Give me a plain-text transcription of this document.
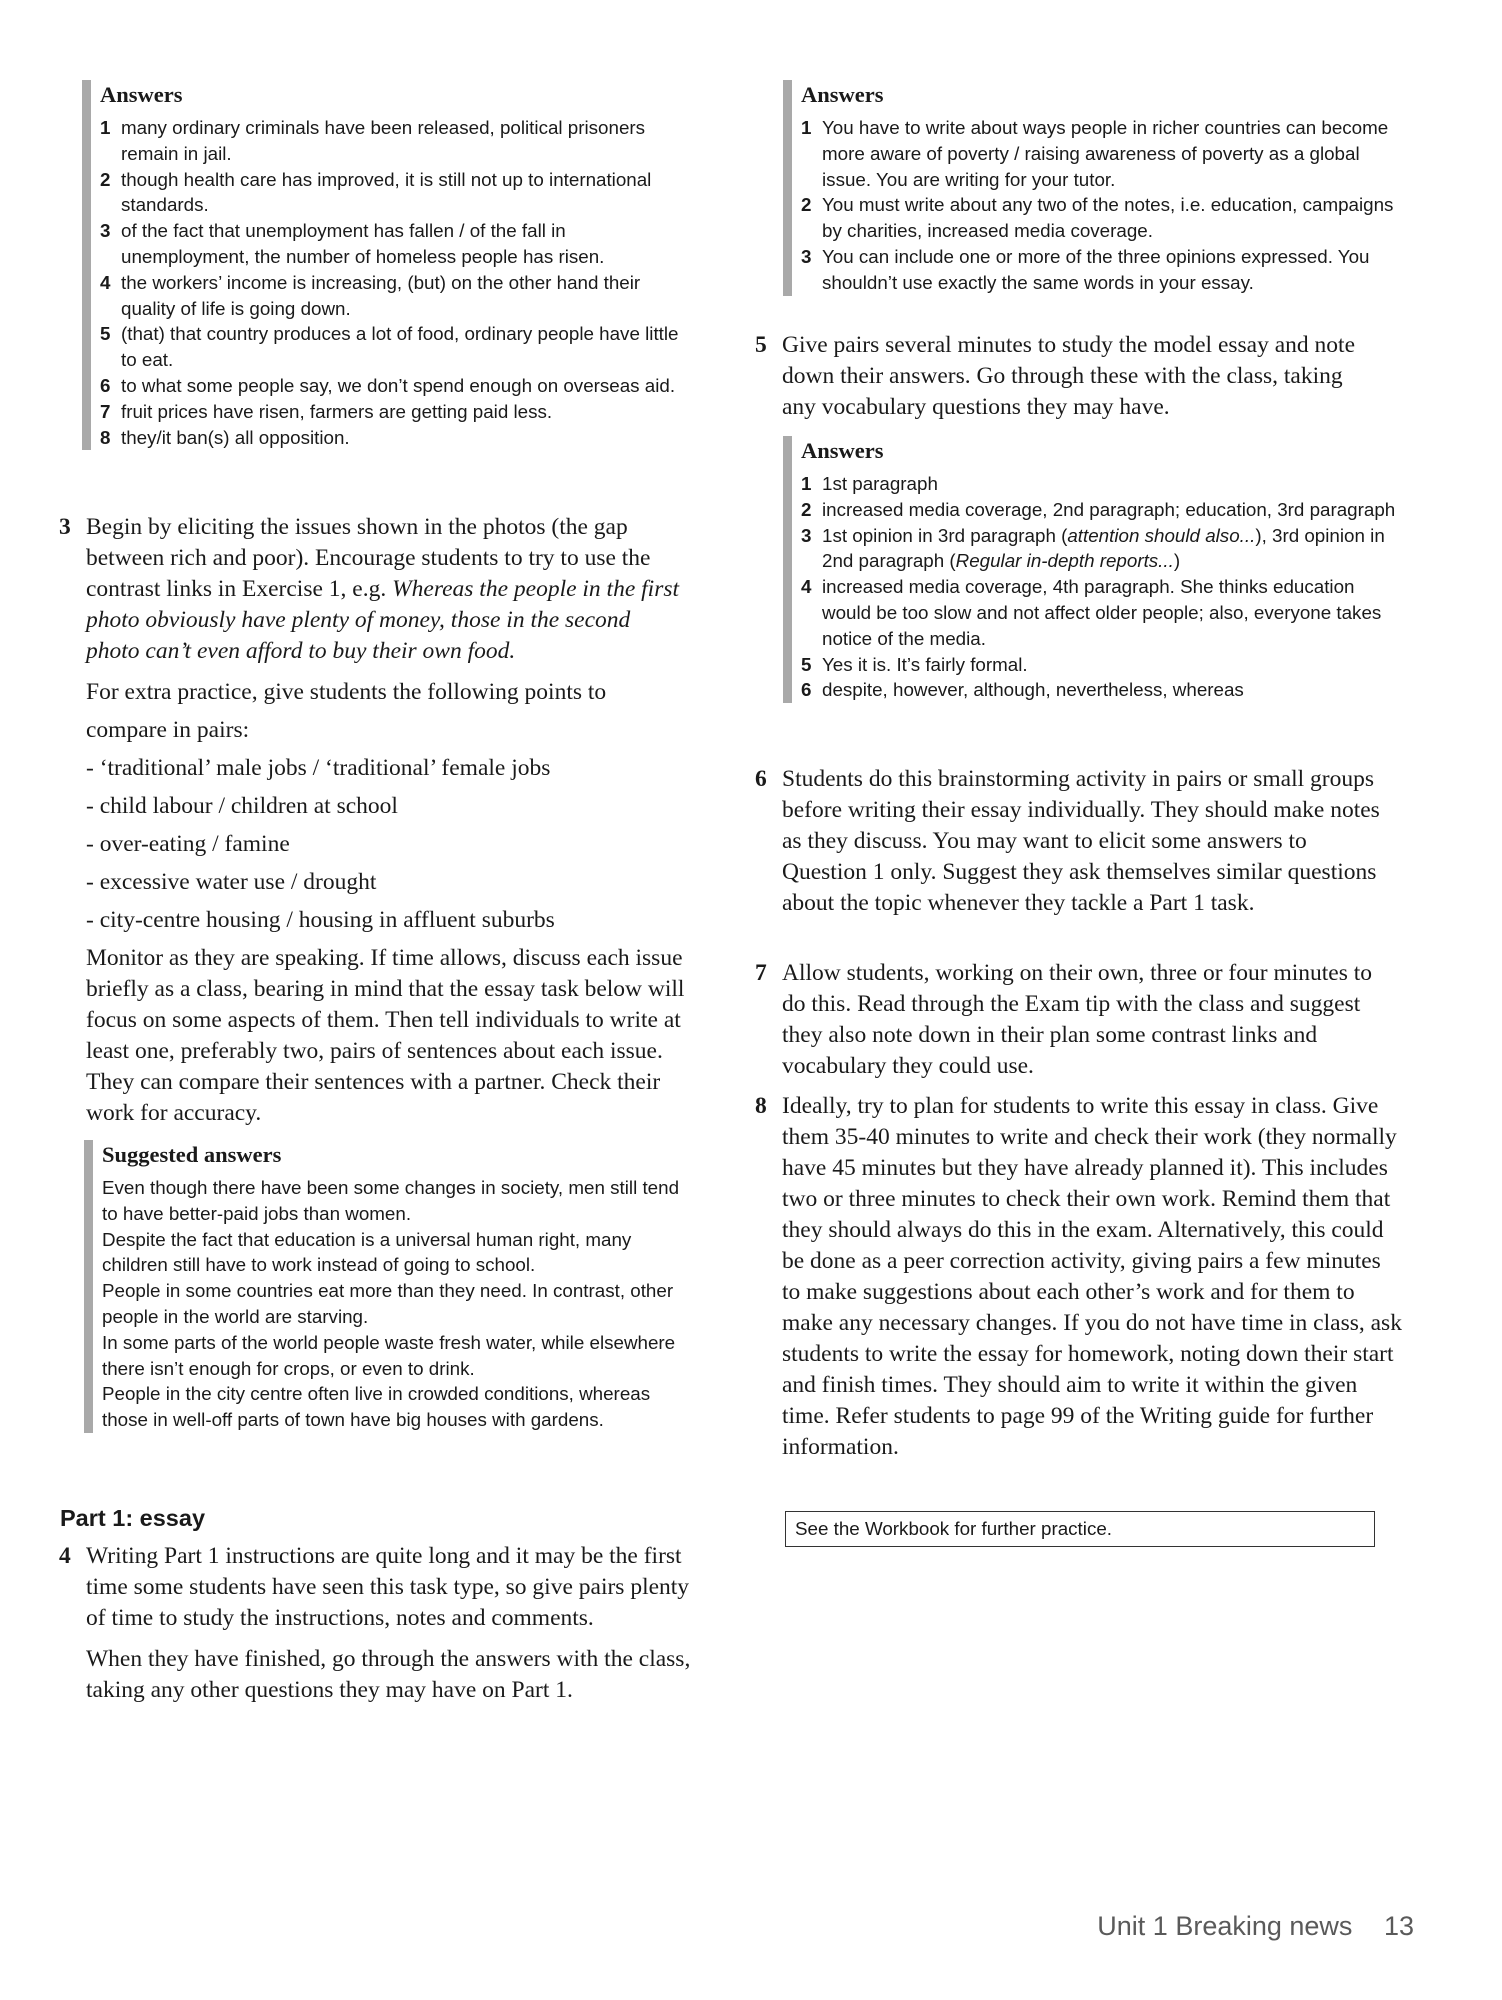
Answers
1 many ordinary criminals have been released, political prisoners remain in jail.
2 though health care has improved, it is still not up to international standards.
3 of the fact that unemployment has fallen / of the fall in unemployment, the number of homeless people has risen.
4 the workers’ income is increasing, (but) on the other hand their quality of life is going down.
5 (that) that country produces a lot of food, ordinary people have little to eat.
6 to what some people say, we don’t spend enough on overseas aid.
7 fruit prices have risen, farmers are getting paid less.
8 they/it ban(s) all opposition.
3 Begin by eliciting the issues shown in the photos (the gap between rich and poor). Encourage students to try to use the contrast links in Exercise 1, e.g. Whereas the people in the first photo obviously have plenty of money, those in the second photo can’t even afford to buy their own food.

For extra practice, give students the following points to compare in pairs:

- ‘traditional’ male jobs / ‘traditional’ female jobs

- child labour / children at school

- over-eating / famine

- excessive water use / drought

- city-centre housing / housing in affluent suburbs

Monitor as they are speaking. If time allows, discuss each issue briefly as a class, bearing in mind that the essay task below will focus on some aspects of them. Then tell individuals to write at least one, preferably two, pairs of sentences about each issue. They can compare their sentences with a partner. Check their work for accuracy.

Suggested answers

Even though there have been some changes in society, men still tend to have better-paid jobs than women.

Despite the fact that education is a universal human right, many children still have to work instead of going to school.

People in some countries eat more than they need. In contrast, other people in the world are starving.

In some parts of the world people waste fresh water, while elsewhere there isn’t enough for crops, or even to drink.

People in the city centre often live in crowded conditions, whereas those in well-off parts of town have big houses with gardens.

Part 1: essay
4 Writing Part 1 instructions are quite long and it may be the first time some students have seen this task type, so give pairs plenty of time to study the instructions, notes and comments.

When they have finished, go through the answers with the class, taking any other questions they may have on Part 1.

Answers
1 You have to write about ways people in richer countries can become more aware of poverty / raising awareness of poverty as a global issue. You are writing for your tutor.
2 You must write about any two of the notes, i.e. education, campaigns by charities, increased media coverage.
3 You can include one or more of the three opinions expressed. You shouldn’t use exactly the same words in your essay.
5 Give pairs several minutes to study the model essay and note down their answers. Go through these with the class, taking any vocabulary questions they may have.

Answers
1 1st paragraph
2 increased media coverage, 2nd paragraph; education, 3rd paragraph
3 1st opinion in 3rd paragraph (attention should also...), 3rd opinion in 2nd paragraph (Regular in-depth reports...)
4 increased media coverage, 4th paragraph. She thinks education would be too slow and not affect older people; also, everyone takes notice of the media.
5 Yes it is. It’s fairly formal.
6 despite, however, although, nevertheless, whereas
6 Students do this brainstorming activity in pairs or small groups before writing their essay individually. They should make notes as they discuss. You may want to elicit some answers to Question 1 only. Suggest they ask themselves similar questions about the topic whenever they tackle a Part 1 task.

7 Allow students, working on their own, three or four minutes to do this. Read through the Exam tip with the class and suggest they also note down in their plan some contrast links and vocabulary they could use.

8 Ideally, try to plan for students to write this essay in class. Give them 35-40 minutes to write and check their work (they normally have 45 minutes but they have already planned it). This includes two or three minutes to check their own work. Remind them that they should always do this in the exam. Alternatively, this could be done as a peer correction activity, giving pairs a few minutes to make suggestions about each other’s work and for them to make any necessary changes. If you do not have time in class, ask students to write the essay for homework, noting down their start and finish times. They should aim to write it within the given time. Refer students to page 99 of the Writing guide for further information.

See the Workbook for further practice.
Unit 1 Breaking news 13
